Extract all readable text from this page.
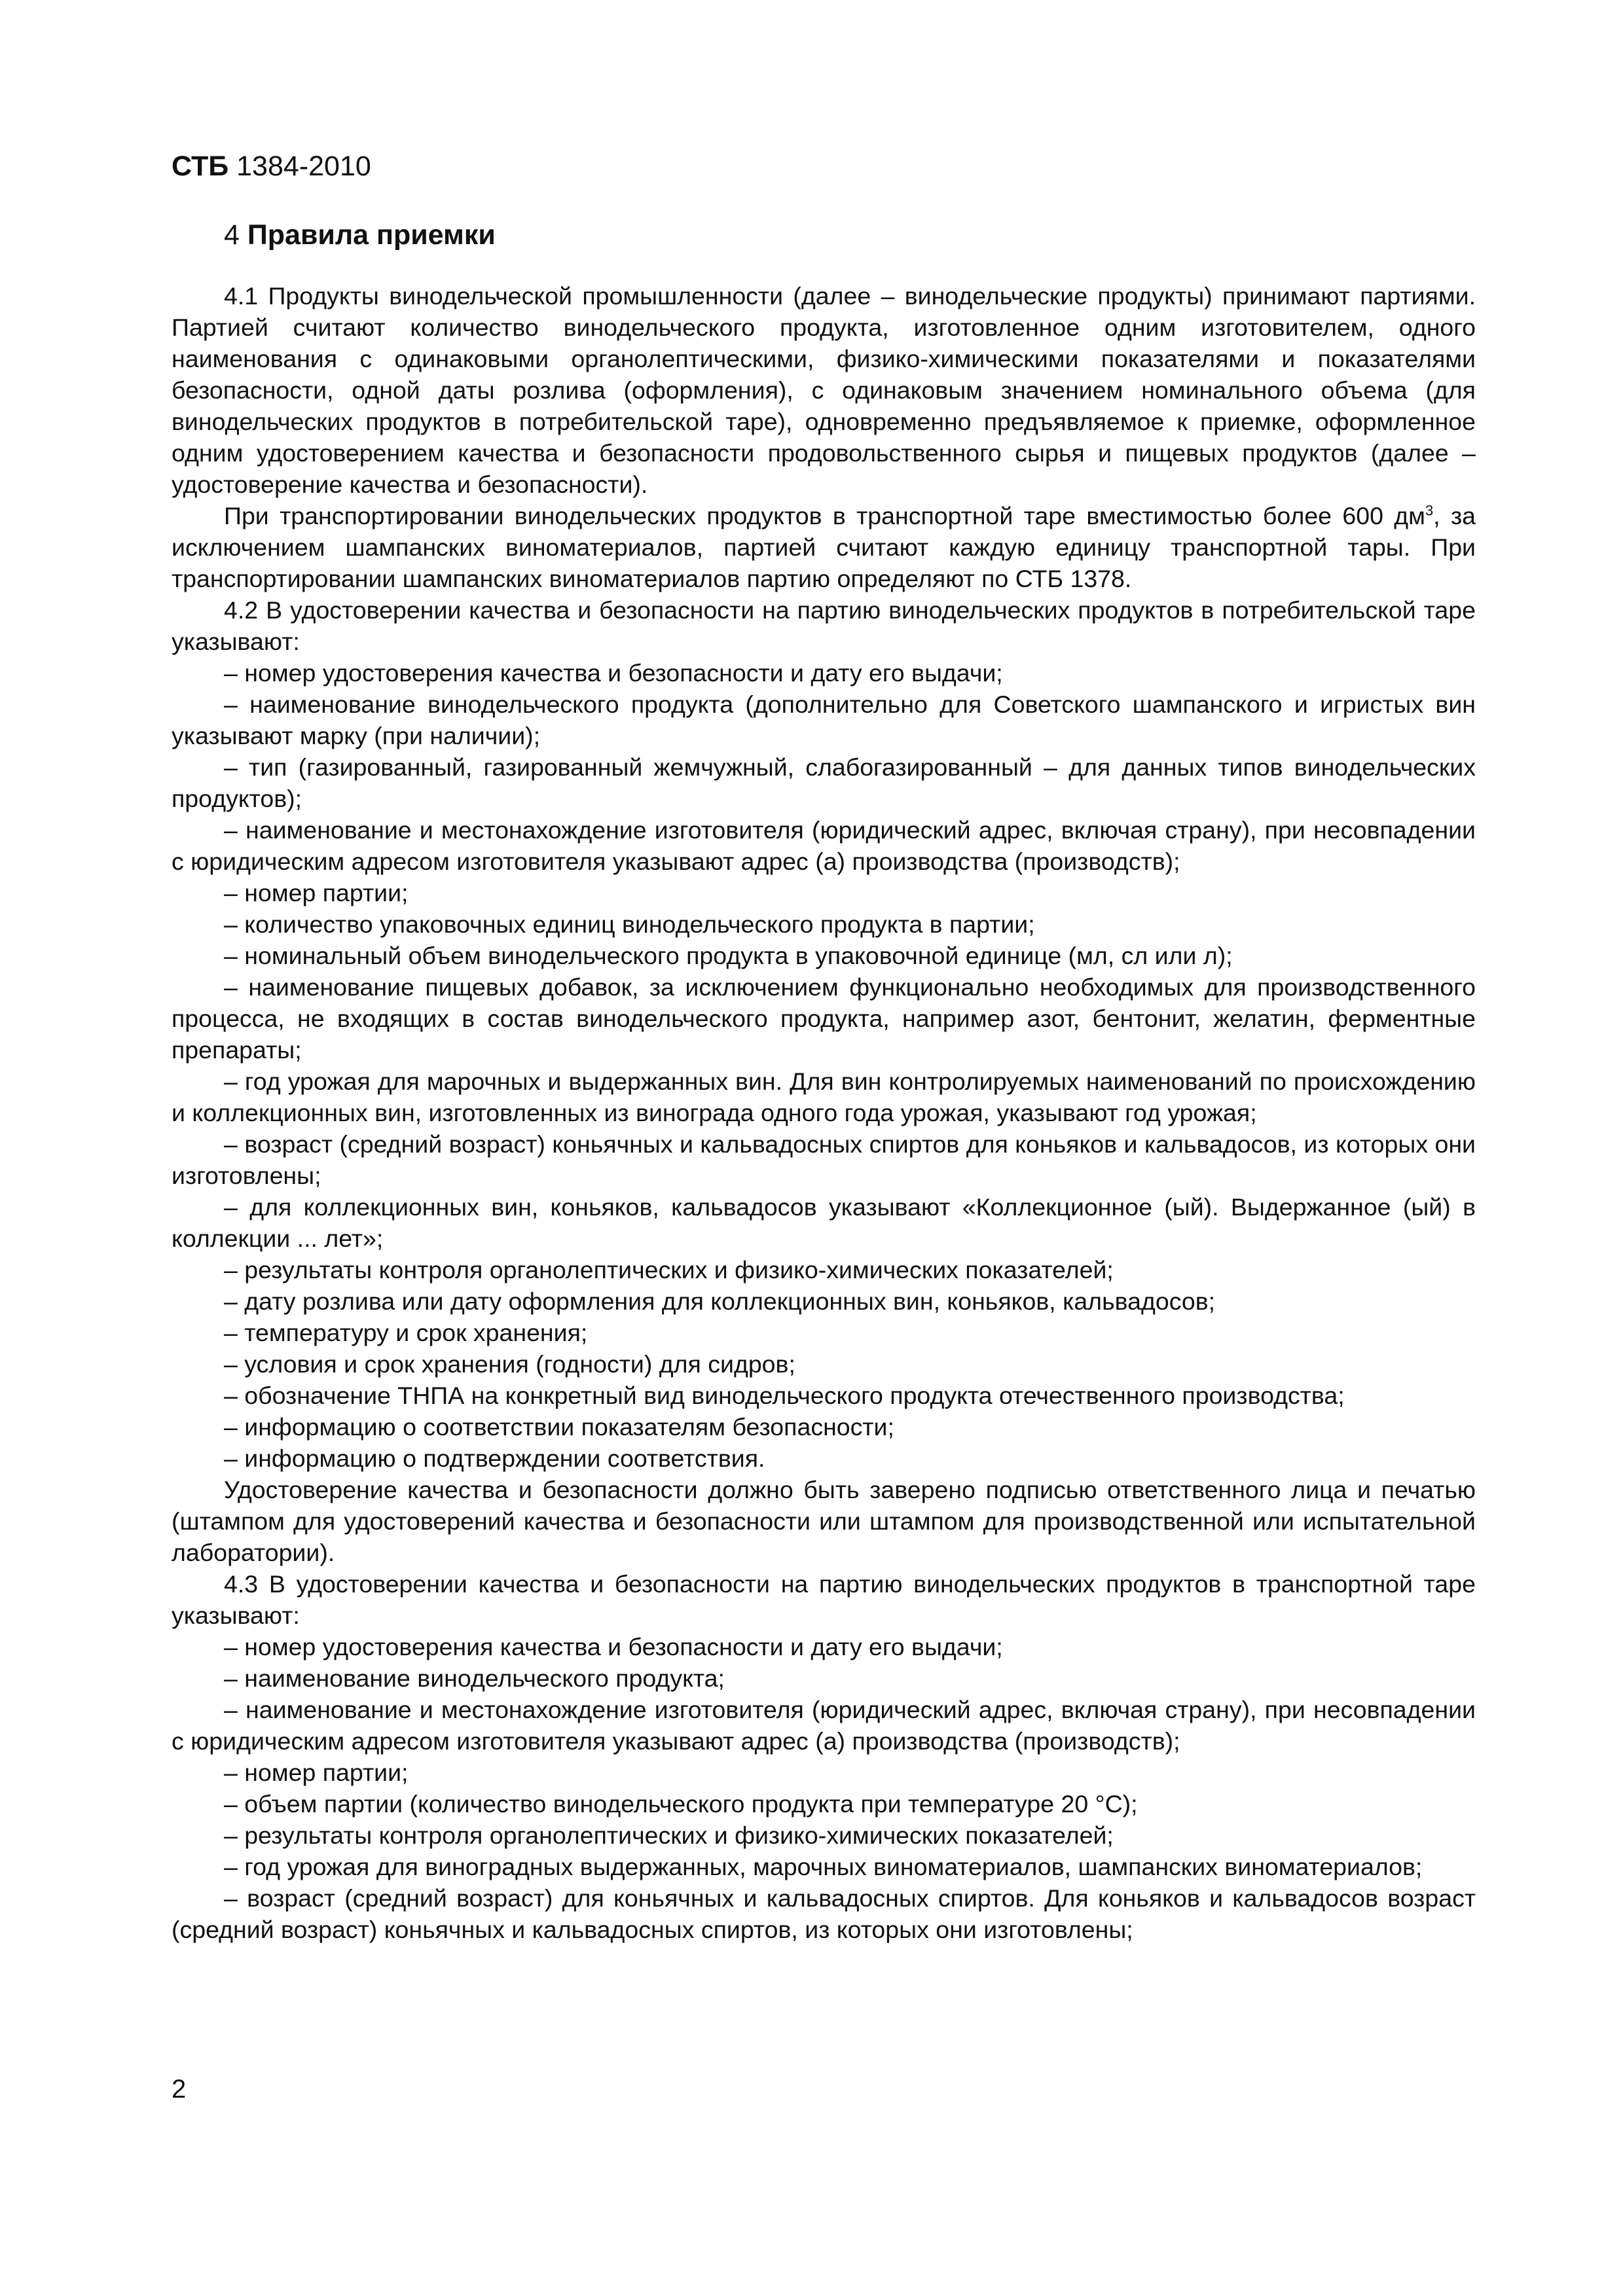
СТБ 1384-2010
4 Правила приемки

4.1 Продукты винодельческой промышленности (далее – винодельческие продукты) принимают партиями. Партией считают количество винодельческого продукта, изготовленное одним изготовителем, одного наименования с одинаковыми органолептическими, физико-химическими показателями и показателями безопасности, одной даты розлива (оформления), с одинаковым значением номинального объема (для винодельческих продуктов в потребительской таре), одновременно предъявляемое к приемке, оформленное одним удостоверением качества и безопасности продовольственного сырья и пищевых продуктов (далее – удостоверение качества и безопасности).

При транспортировании винодельческих продуктов в транспортной таре вместимостью более 600 $дм^3$, за исключением шампанских виноматериалов, партией считают каждую единицу транспортной тары. При транспортировании шампанских виноматериалов партию определяют по СТБ 1378.

4.2 В удостоверении качества и безопасности на партию винодельческих продуктов в потребительской таре указывают:

– номер удостоверения качества и безопасности и дату его выдачи;

– наименование винодельческого продукта (дополнительно для Советского шампанского и игристых вин указывают марку (при наличии);

– тип (газированный, газированный жемчужный, слабогазированный – для данных типов винодельческих продуктов);

– наименование и местонахождение изготовителя (юридический адрес, включая страну), при несовпадении с юридическим адресом изготовителя указывают адрес (а) производства (производств);

– номер партии;

– количество упаковочных единиц винодельческого продукта в партии;

– номинальный объем винодельческого продукта в упаковочной единице (мл, сл или л);

– наименование пищевых добавок, за исключением функционально необходимых для производственного процесса, не входящих в состав винодельческого продукта, например азот, бентонит, желатин, ферментные препараты;

– год урожая для марочных и выдержанных вин. Для вин контролируемых наименований по происхождению и коллекционных вин, изготовленных из винограда одного года урожая, указывают год урожая;

– возраст (средний возраст) коньячных и кальвадосных спиртов для коньяков и кальвадосов, из которых они изготовлены;

– для коллекционных вин, коньяков, кальвадосов указывают «Коллекционное (ый). Выдержанное (ый) в коллекции ... лет»;

– результаты контроля органолептических и физико-химических показателей;

– дату розлива или дату оформления для коллекционных вин, коньяков, кальвадосов;

– температуру и срок хранения;

– условия и срок хранения (годности) для сидров;

– обозначение ТНПА на конкретный вид винодельческого продукта отечественного производства;

– информацию о соответствии показателям безопасности;

– информацию о подтверждении соответствия.

Удостоверение качества и безопасности должно быть заверено подписью ответственного лица и печатью (штампом для удостоверений качества и безопасности или штампом для производственной или испытательной лаборатории).

4.3 В удостоверении качества и безопасности на партию винодельческих продуктов в транспортной таре указывают:

– номер удостоверения качества и безопасности и дату его выдачи;

– наименование винодельческого продукта;

– наименование и местонахождение изготовителя (юридический адрес, включая страну), при несовпадении с юридическим адресом изготовителя указывают адрес (а) производства (производств);

– номер партии;

– объем партии (количество винодельческого продукта при температуре 20 °С);

– результаты контроля органолептических и физико-химических показателей;

– год урожая для виноградных выдержанных, марочных виноматериалов, шампанских виноматериалов;

– возраст (средний возраст) для коньячных и кальвадосных спиртов. Для коньяков и кальвадосов возраст (средний возраст) коньячных и кальвадосных спиртов, из которых они изготовлены;

2
